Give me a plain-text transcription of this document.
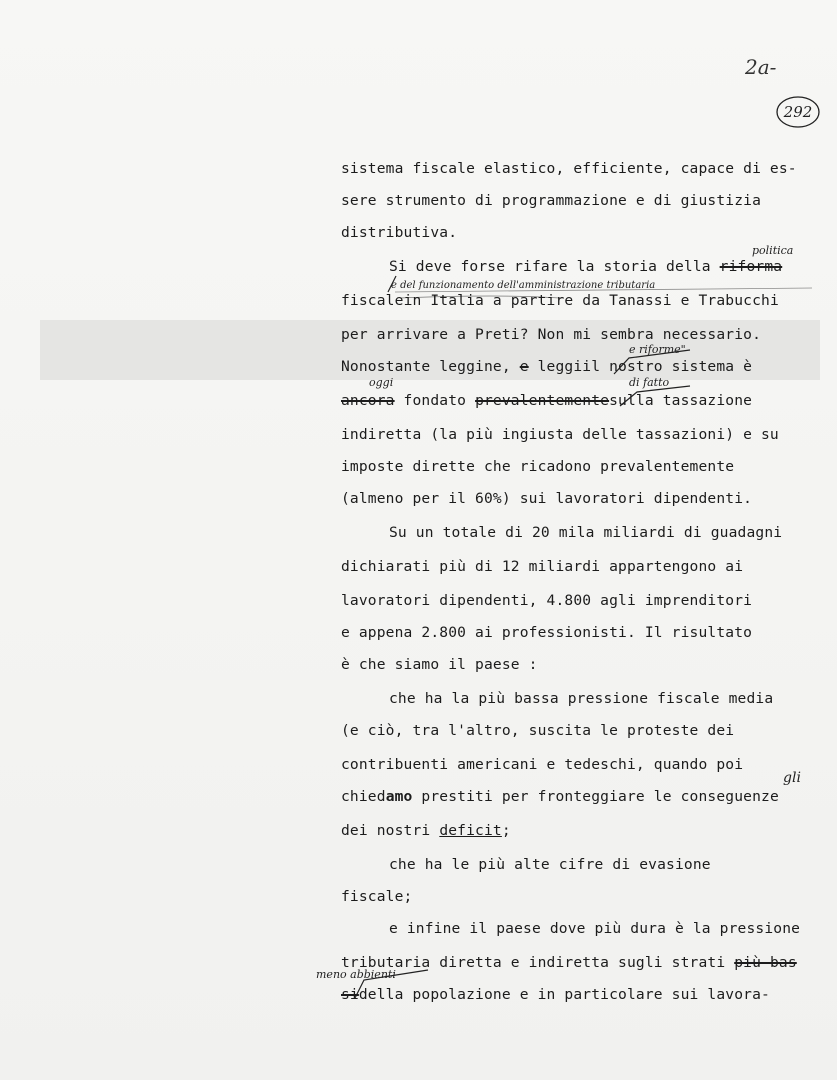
2a-
292
politica
e del funzionamento dell'amministrazione tributaria
e riforme"
oggi	di fatto
gli
meno abbienti
sistema fiscale elastico, efficiente, capace di es-
sere strumento di programmazione e di giustizia
distributiva.
Si deve forse rifare la storia della riforma
fiscalein Italia a partire da Tanassi e Trabucchi
per arrivare a Preti? Non mi sembra necessario.
Nonostante leggine, e leggiil nostro sistema è
ancora fondato prevalentementesulla tassazione
indiretta (la più ingiusta delle tassazioni) e su
imposte dirette che ricadono prevalentemente
(almeno per il 60%) sui lavoratori dipendenti.
Su un totale di 20 mila miliardi di guadagni
dichiarati più di 12 miliardi appartengono ai
lavoratori dipendenti, 4.800 agli imprenditori
e appena 2.800 ai professionisti. Il risultato
è che siamo il paese :
che ha la più bassa pressione fiscale media
(e ciò, tra l'altro, suscita le proteste dei
contribuenti americani e tedeschi, quando poi
chiedamo prestiti per fronteggiare le conseguenze
dei nostri deficit;
che ha le più alte cifre di evasione
fiscale;
e infine il paese dove più dura è la pressione
tributaria diretta e indiretta sugli strati più bas
sidella popolazione e in particolare sui lavora-
